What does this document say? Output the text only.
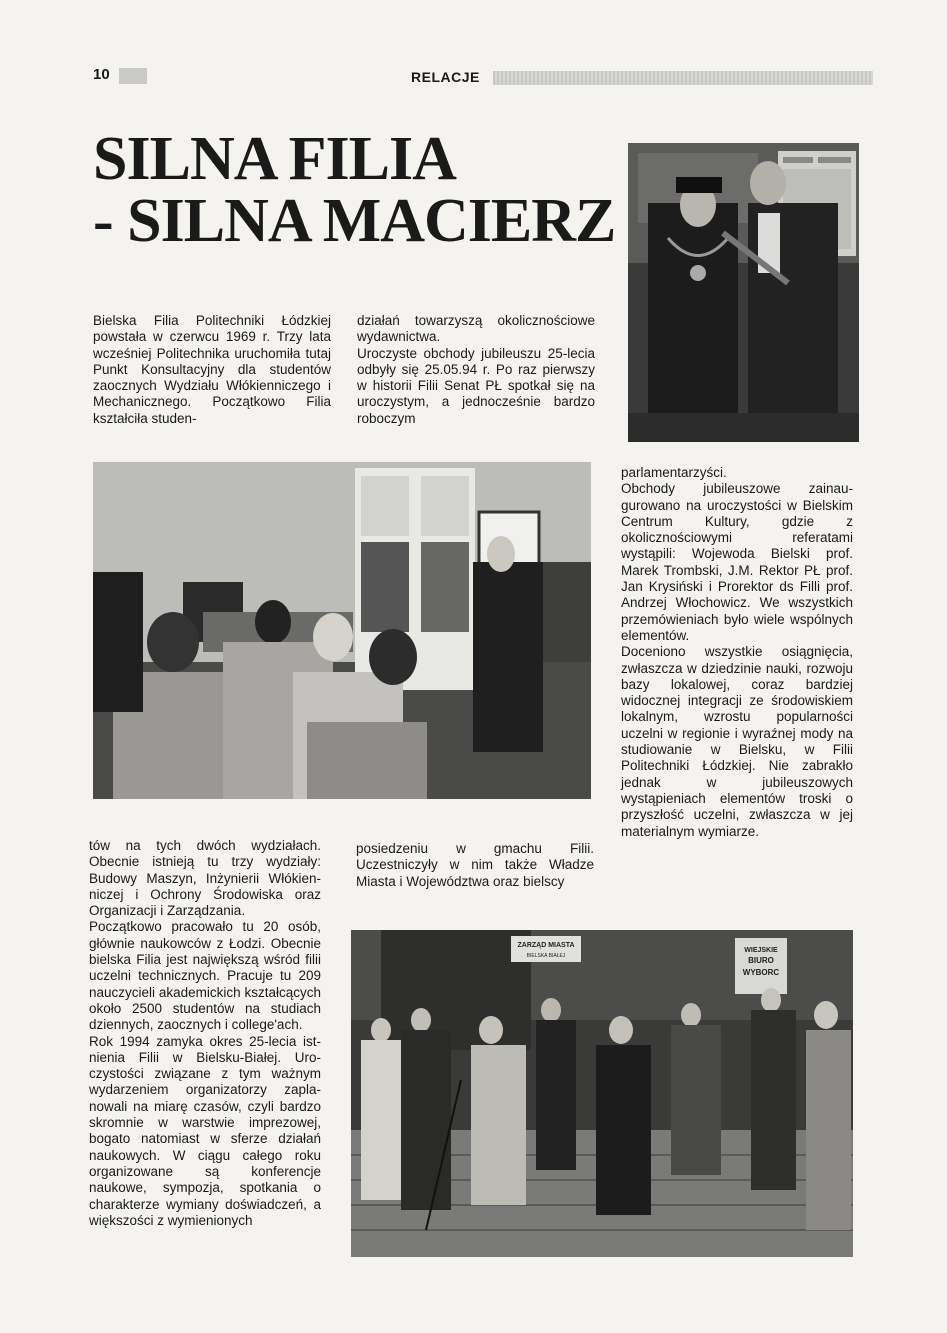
10	RELACJE
SILNA FILIA
- SILNA MACIERZ

Bielska Filia Politechniki Łódzkiej powstała w czerwcu 1969 r. Trzy lata wcześniej Politechnika uruchomiła tutaj Punkt Konsultacyjny dla studentów zaocznych Wydziału Włókienniczego i Mechanicznego. Początkowo Filia kształciła studen-

działań towarzyszą okolicznościowe wydawnictwa.

Uroczyste obchody jubileuszu 25-lecia odbyły się 25.05.94 r. Po raz pierwszy w historii Filii Senat PŁ spotkał się na uroczystym, a jednocześnie bardzo roboczym

parlamentarzyści.

Obchody jubileuszowe zainaugurowano na uroczystości w Bielskim Centrum Kultury, gdzie z okolicznościowymi referatami wystąpili: Wojewoda Bielski prof. Marek Trombski, J.M. Rektor PŁ prof. Jan Krysiński i Prorektor ds Filli prof. Andrzej Włochowicz. We wszystkich przemówieniach było wiele wspólnych elementów.

Doceniono wszystkie osiągnięcia, zwłaszcza w dziedzinie nauki, rozwoju bazy lokalowej, coraz bardziej widocznej integracji ze środowiskiem lokalnym, wzrostu popularności uczelni w regionie i wyraźnej mody na studiowanie w Bielsku, w Filii Politechniki Łódzkiej. Nie zabrakło jednak w jubileuszowych wystąpieniach elementów troski o przyszłość uczelni, zwłaszcza w jej materialnym wymiarze.

tów na tych dwóch wydziałach. Obecnie istnieją tu trzy wydziały: Budowy Maszyn, Inżynierii Włókienniczej i Ochrony Środowiska oraz Organizacji i Zarządzania.

Początkowo pracowało tu 20 osób, głównie naukowców z Łodzi. Obecnie bielska Filia jest największą wśród filii uczelni technicznych. Pracuje tu 209 nauczycieli akademickich kształcących około 2500 studentów na studiach dziennych, zaocznych i college'ach.

Rok 1994 zamyka okres 25-lecia istnienia Filii w Bielsku-Białej. Uroczystości związane z tym ważnym wydarzeniem organizatorzy zaplanowali na miarę czasów, czyli bardzo skromnie w warstwie imprezowej, bogato natomiast w sferze działań naukowych. W ciągu całego roku organizowane są konferencje naukowe, sympozja, spotkania o charakterze wymiany doświadczeń, a większości z wymienionych

posiedzeniu w gmachu Filii. Uczestniczyły w nim także Władze Miasta i Województwa oraz bielscy

ZARZĄD MIASTA
BIELSKA BIAŁEJ
WIEJSKIE
BIURO
WYBORC
